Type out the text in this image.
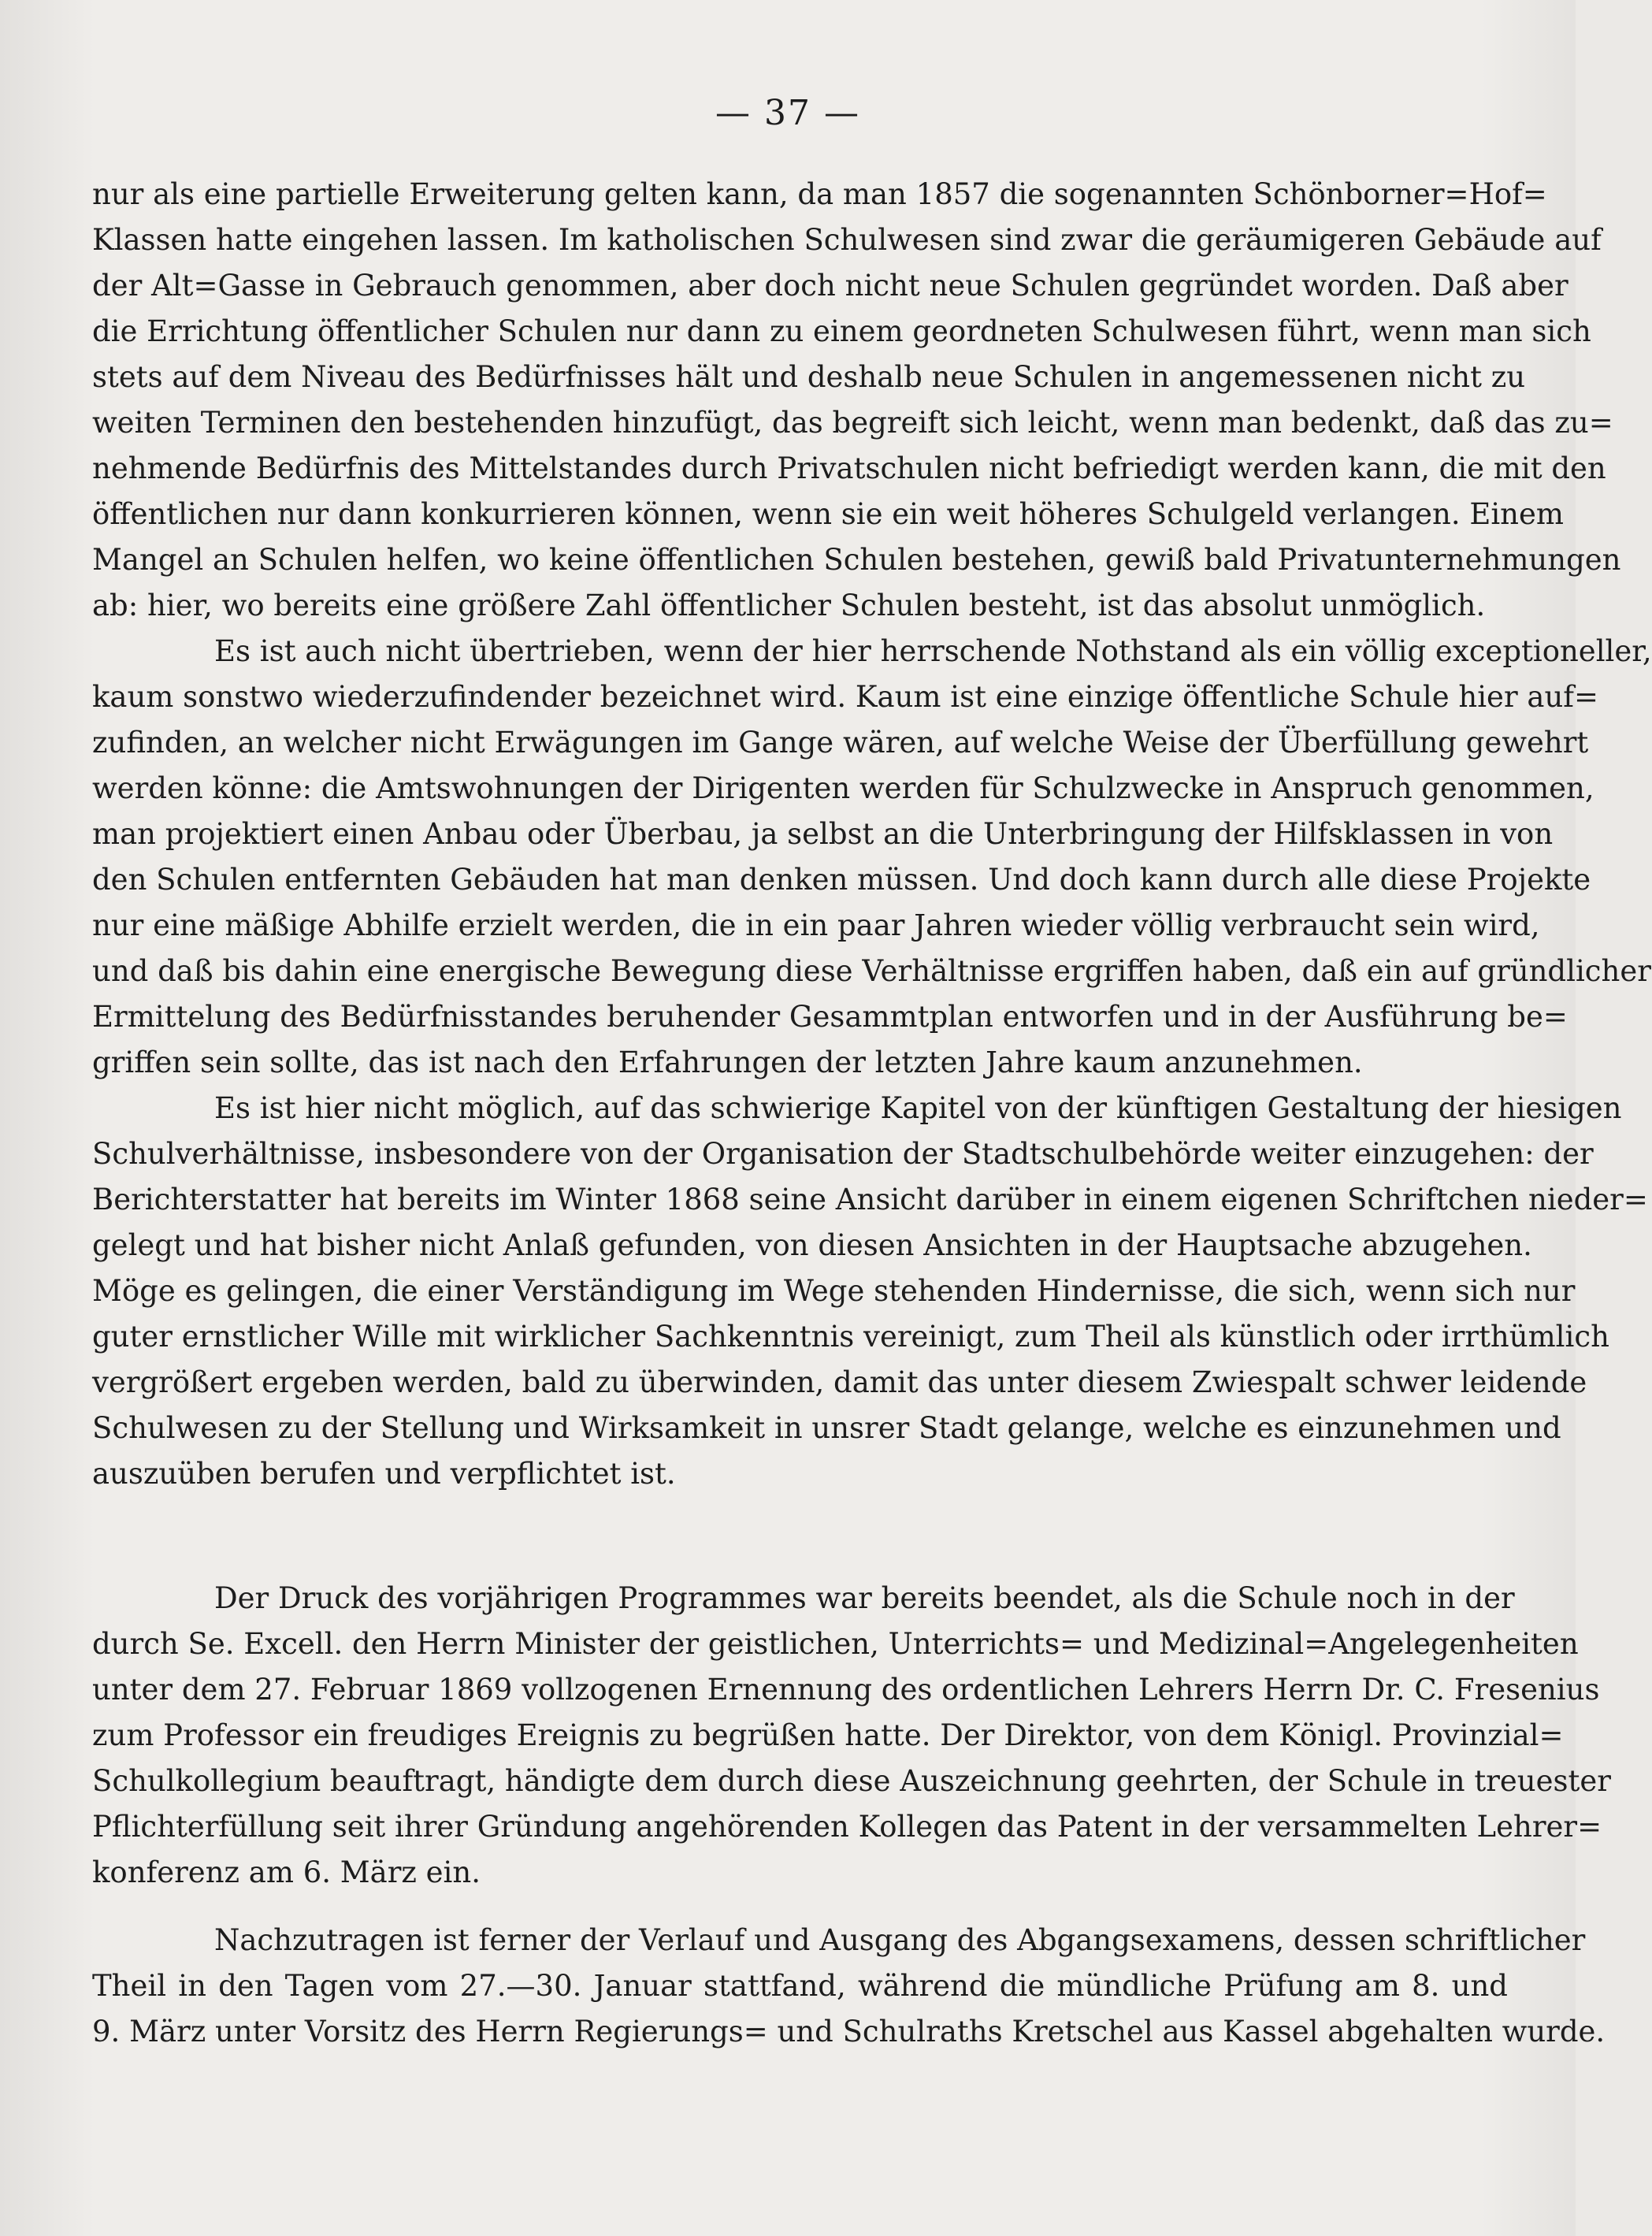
— 37 —
nur als eine partielle Erweiterung gelten kann, da man 1857 die sogenannten Schönborner=Hof=
Klassen hatte eingehen lassen. Im katholischen Schulwesen sind zwar die geräumigeren Gebäude auf
der Alt=Gasse in Gebrauch genommen, aber doch nicht neue Schulen gegründet worden. Daß aber
die Errichtung öffentlicher Schulen nur dann zu einem geordneten Schulwesen führt, wenn man sich
stets auf dem Niveau des Bedürfnisses hält und deshalb neue Schulen in angemessenen nicht zu
weiten Terminen den bestehenden hinzufügt, das begreift sich leicht, wenn man bedenkt, daß das zu=
nehmende Bedürfnis des Mittelstandes durch Privatschulen nicht befriedigt werden kann, die mit den
öffentlichen nur dann konkurrieren können, wenn sie ein weit höheres Schulgeld verlangen. Einem
Mangel an Schulen helfen, wo keine öffentlichen Schulen bestehen, gewiß bald Privatunternehmungen
ab: hier, wo bereits eine größere Zahl öffentlicher Schulen besteht, ist das absolut unmöglich.
Es ist auch nicht übertrieben, wenn der hier herrschende Nothstand als ein völlig exceptioneller,
kaum sonstwo wiederzufindender bezeichnet wird. Kaum ist eine einzige öffentliche Schule hier auf=
zufinden, an welcher nicht Erwägungen im Gange wären, auf welche Weise der Überfüllung gewehrt
werden könne: die Amtswohnungen der Dirigenten werden für Schulzwecke in Anspruch genommen,
man projektiert einen Anbau oder Überbau, ja selbst an die Unterbringung der Hilfsklassen in von
den Schulen entfernten Gebäuden hat man denken müssen. Und doch kann durch alle diese Projekte
nur eine mäßige Abhilfe erzielt werden, die in ein paar Jahren wieder völlig verbraucht sein wird,
und daß bis dahin eine energische Bewegung diese Verhältnisse ergriffen haben, daß ein auf gründlicher
Ermittelung des Bedürfnisstandes beruhender Gesammtplan entworfen und in der Ausführung be=
griffen sein sollte, das ist nach den Erfahrungen der letzten Jahre kaum anzunehmen.
Es ist hier nicht möglich, auf das schwierige Kapitel von der künftigen Gestaltung der hiesigen
Schulverhältnisse, insbesondere von der Organisation der Stadtschulbehörde weiter einzugehen: der
Berichterstatter hat bereits im Winter 1868 seine Ansicht darüber in einem eigenen Schriftchen nieder=
gelegt und hat bisher nicht Anlaß gefunden, von diesen Ansichten in der Hauptsache abzugehen.
Möge es gelingen, die einer Verständigung im Wege stehenden Hindernisse, die sich, wenn sich nur
guter ernstlicher Wille mit wirklicher Sachkenntnis vereinigt, zum Theil als künstlich oder irrthümlich
vergrößert ergeben werden, bald zu überwinden, damit das unter diesem Zwiespalt schwer leidende
Schulwesen zu der Stellung und Wirksamkeit in unsrer Stadt gelange, welche es einzunehmen und
auszuüben berufen und verpflichtet ist.
Der Druck des vorjährigen Programmes war bereits beendet, als die Schule noch in der
durch Se. Excell. den Herrn Minister der geistlichen, Unterrichts= und Medizinal=Angelegenheiten
unter dem 27. Februar 1869 vollzogenen Ernennung des ordentlichen Lehrers Herrn Dr. C. Fresenius
zum Professor ein freudiges Ereignis zu begrüßen hatte. Der Direktor, von dem Königl. Provinzial=
Schulkollegium beauftragt, händigte dem durch diese Auszeichnung geehrten, der Schule in treuester
Pflichterfüllung seit ihrer Gründung angehörenden Kollegen das Patent in der versammelten Lehrer=
konferenz am 6. März ein.
Nachzutragen ist ferner der Verlauf und Ausgang des Abgangsexamens, dessen schriftlicher
Theil in den Tagen vom 27.—30. Januar stattfand, während die mündliche Prüfung am 8. und
9. März unter Vorsitz des Herrn Regierungs= und Schulraths Kretschel aus Kassel abgehalten wurde.
